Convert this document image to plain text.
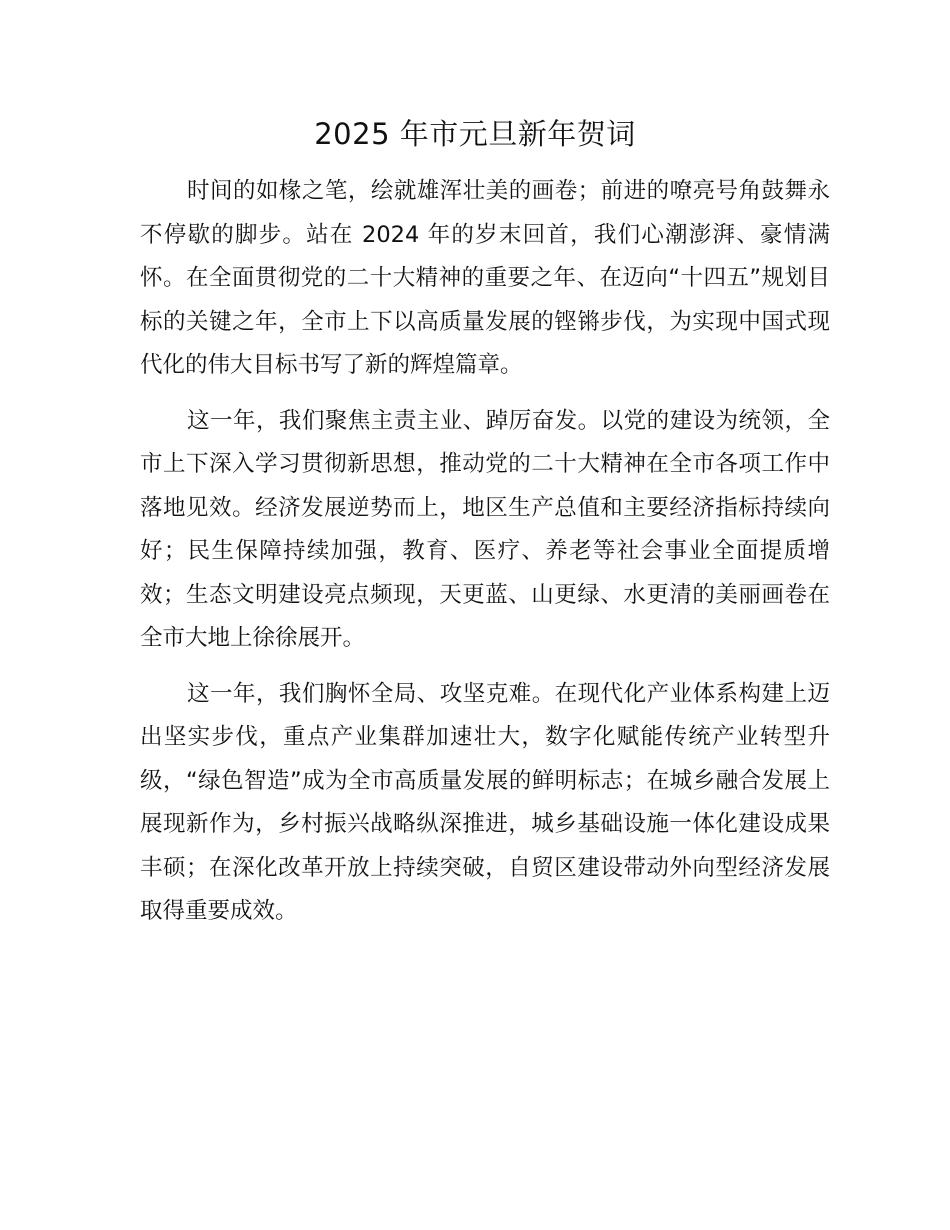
2025 年市元旦新年贺词

时间的如椽之笔，绘就雄浑壮美的画卷；前进的嘹亮号角鼓舞永不停歇的脚步。站在 2024 年的岁末回首，我们心潮澎湃、豪情满怀。在全面贯彻党的二十大精神的重要之年、在迈向“十四五”规划目标的关键之年，全市上下以高质量发展的铿锵步伐，为实现中国式现代化的伟大目标书写了新的辉煌篇章。

这一年，我们聚焦主责主业、踔厉奋发。以党的建设为统领，全市上下深入学习贯彻新思想，推动党的二十大精神在全市各项工作中落地见效。经济发展逆势而上，地区生产总值和主要经济指标持续向好；民生保障持续加强，教育、医疗、养老等社会事业全面提质增效；生态文明建设亮点频现，天更蓝、山更绿、水更清的美丽画卷在全市大地上徐徐展开。

这一年，我们胸怀全局、攻坚克难。在现代化产业体系构建上迈出坚实步伐，重点产业集群加速壮大，数字化赋能传统产业转型升级，“绿色智造”成为全市高质量发展的鲜明标志；在城乡融合发展上展现新作为，乡村振兴战略纵深推进，城乡基础设施一体化建设成果丰硕；在深化改革开放上持续突破，自贸区建设带动外向型经济发展取得重要成效。
